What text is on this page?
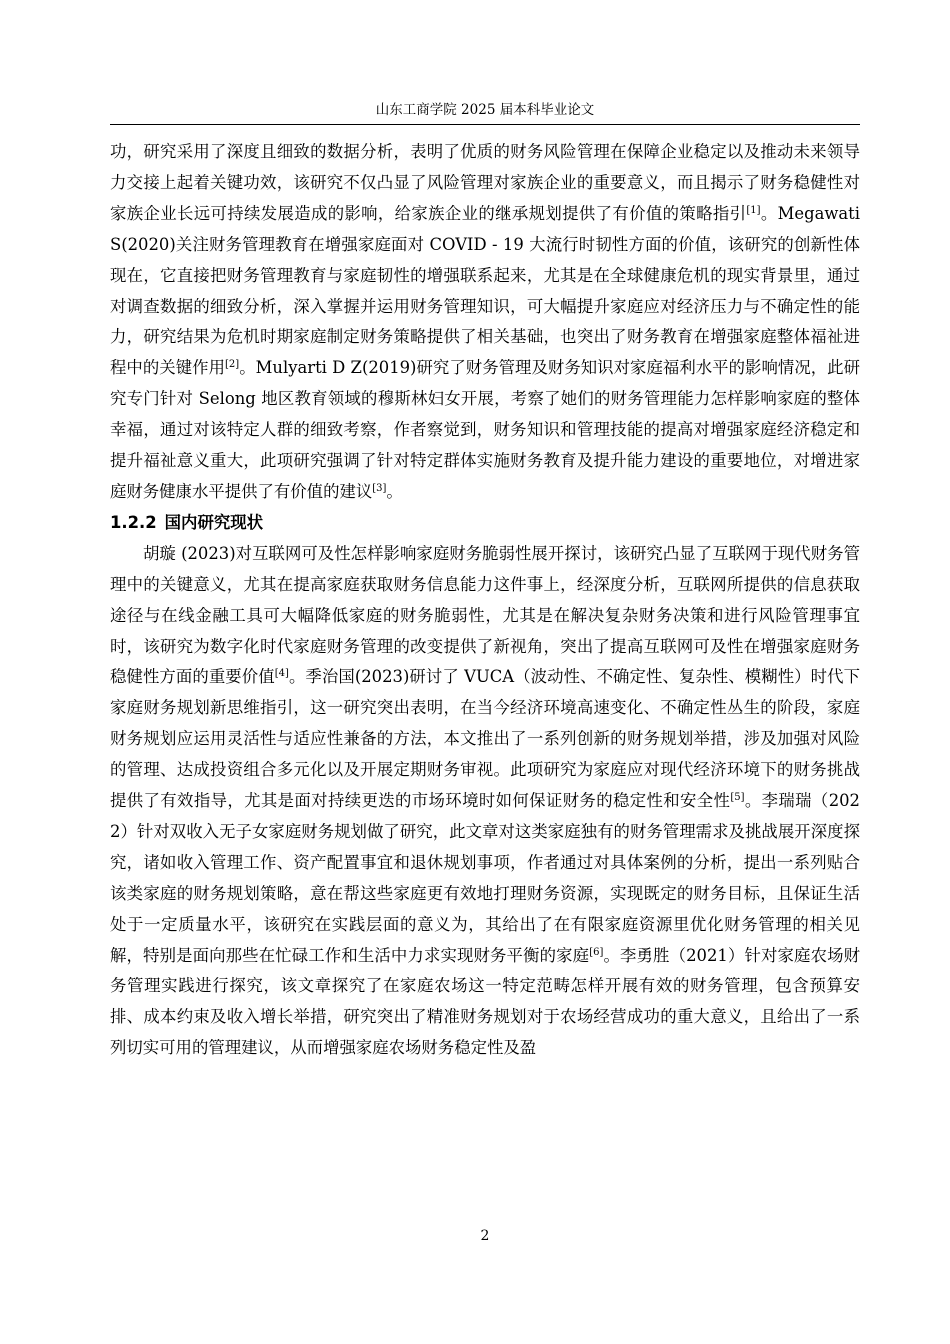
山东工商学院 2025 届本科毕业论文

功，研究采用了深度且细致的数据分析，表明了优质的财务风险管理在保障企业稳定以及推动未来领导力交接上起着关键功效，该研究不仅凸显了风险管理对家族企业的重要意义，而且揭示了财务稳健性对家族企业长远可持续发展造成的影响，给家族企业的继承规划提供了有价值的策略指引[1]。Megawati S(2020)关注财务管理教育在增强家庭面对 COVID - 19 大流行时韧性方面的价值，该研究的创新性体现在，它直接把财务管理教育与家庭韧性的增强联系起来，尤其是在全球健康危机的现实背景里，通过对调查数据的细致分析，深入掌握并运用财务管理知识，可大幅提升家庭应对经济压力与不确定性的能力，研究结果为危机时期家庭制定财务策略提供了相关基础，也突出了财务教育在增强家庭整体福祉进程中的关键作用[2]。Mulyarti D Z(2019)研究了财务管理及财务知识对家庭福利水平的影响情况，此研究专门针对 Selong 地区教育领域的穆斯林妇女开展，考察了她们的财务管理能力怎样影响家庭的整体幸福，通过对该特定人群的细致考察，作者察觉到，财务知识和管理技能的提高对增强家庭经济稳定和提升福祉意义重大，此项研究强调了针对特定群体实施财务教育及提升能力建设的重要地位，对增进家庭财务健康水平提供了有价值的建议[3]。

1.2.2 国内研究现状

胡璇 (2023)对互联网可及性怎样影响家庭财务脆弱性展开探讨，该研究凸显了互联网于现代财务管理中的关键意义，尤其在提高家庭获取财务信息能力这件事上，经深度分析，互联网所提供的信息获取途径与在线金融工具可大幅降低家庭的财务脆弱性，尤其是在解决复杂财务决策和进行风险管理事宜时，该研究为数字化时代家庭财务管理的改变提供了新视角，突出了提高互联网可及性在增强家庭财务稳健性方面的重要价值[4]。季治国(2023)研讨了 VUCA（波动性、不确定性、复杂性、模糊性）时代下家庭财务规划新思维指引，这一研究突出表明，在当今经济环境高速变化、不确定性丛生的阶段，家庭财务规划应运用灵活性与适应性兼备的方法，本文推出了一系列创新的财务规划举措，涉及加强对风险的管理、达成投资组合多元化以及开展定期财务审视。此项研究为家庭应对现代经济环境下的财务挑战提供了有效指导，尤其是面对持续更迭的市场环境时如何保证财务的稳定性和安全性[5]。李瑞瑞（2022）针对双收入无子女家庭财务规划做了研究，此文章对这类家庭独有的财务管理需求及挑战展开深度探究，诸如收入管理工作、资产配置事宜和退休规划事项，作者通过对具体案例的分析，提出一系列贴合该类家庭的财务规划策略，意在帮这些家庭更有效地打理财务资源，实现既定的财务目标，且保证生活处于一定质量水平，该研究在实践层面的意义为，其给出了在有限家庭资源里优化财务管理的相关见解，特别是面向那些在忙碌工作和生活中力求实现财务平衡的家庭[6]。李勇胜（2021）针对家庭农场财务管理实践进行探究，该文章探究了在家庭农场这一特定范畴怎样开展有效的财务管理，包含预算安排、成本约束及收入增长举措，研究突出了精准财务规划对于农场经营成功的重大意义，且给出了一系列切实可用的管理建议，从而增强家庭农场财务稳定性及盈

2
